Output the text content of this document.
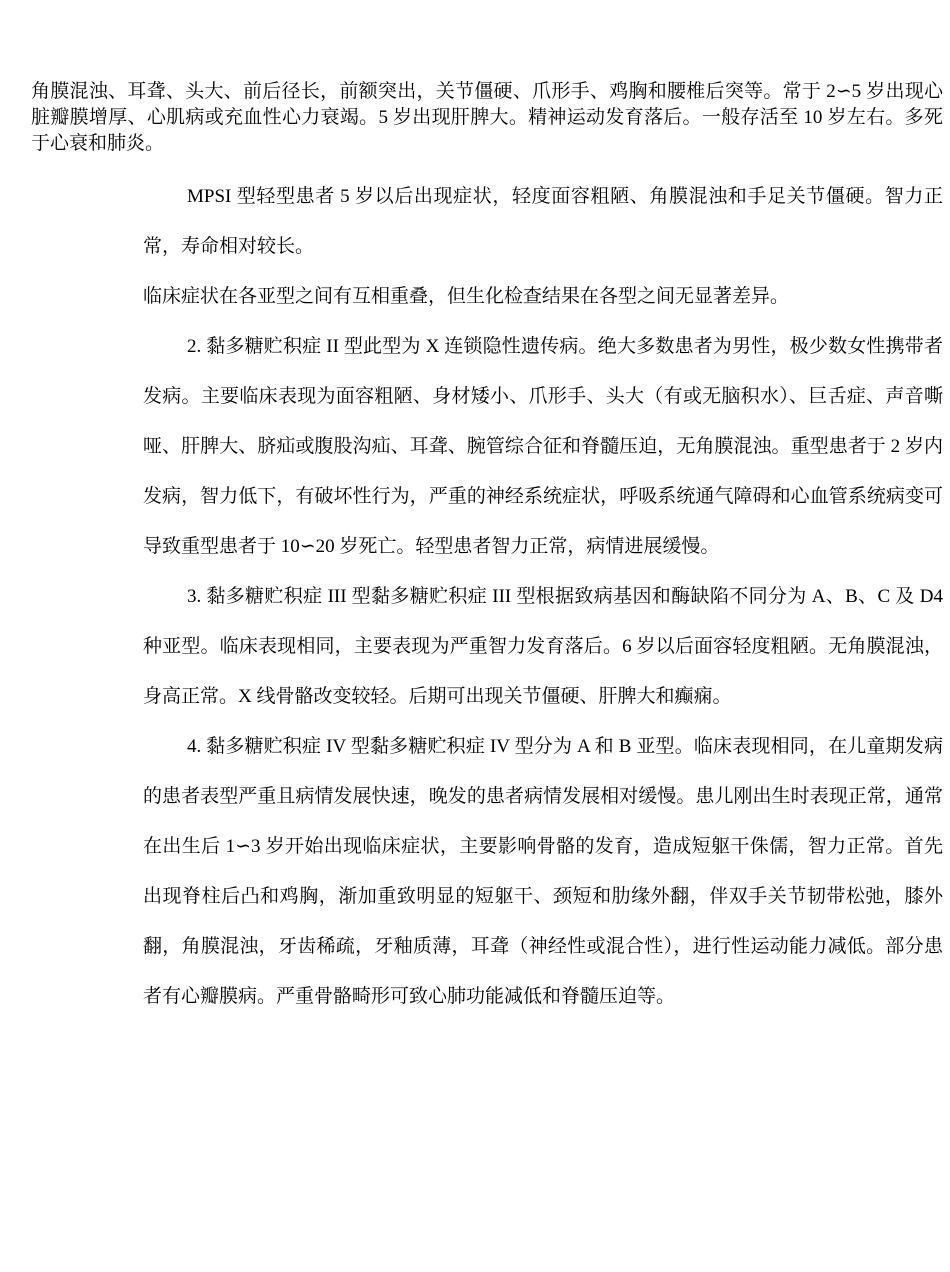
角膜混浊、耳聋、头大、前后径长，前额突出，关节僵硬、爪形手、鸡胸和腰椎后突等。常于 2∽5 岁出现心脏瓣膜增厚、心肌病或充血性心力衰竭。5 岁出现肝脾大。精神运动发育落后。一般存活至 10 岁左右。多死于心衰和肺炎。

MPSI 型轻型患者 5 岁以后出现症状，轻度面容粗陋、角膜混浊和手足关节僵硬。智力正常，寿命相对较长。

临床症状在各亚型之间有互相重叠，但生化检查结果在各型之间无显著差异。

2. 黏多糖贮积症 II 型此型为 X 连锁隐性遗传病。绝大多数患者为男性，极少数女性携带者发病。主要临床表现为面容粗陋、身材矮小、爪形手、头大（有或无脑积水）、巨舌症、声音嘶哑、肝脾大、脐疝或腹股沟疝、耳聋、腕管综合征和脊髓压迫，无角膜混浊。重型患者于 2 岁内发病，智力低下，有破坏性行为，严重的神经系统症状，呼吸系统通气障碍和心血管系统病变可导致重型患者于 10∽20 岁死亡。轻型患者智力正常，病情进展缓慢。

3. 黏多糖贮积症 III 型黏多糖贮积症 III 型根据致病基因和酶缺陷不同分为 A、B、C 及 D4 种亚型。临床表现相同，主要表现为严重智力发育落后。6 岁以后面容轻度粗陋。无角膜混浊，身高正常。X 线骨骼改变较轻。后期可出现关节僵硬、肝脾大和癫痫。

4. 黏多糖贮积症 IV 型黏多糖贮积症 IV 型分为 A 和 B 亚型。临床表现相同，在儿童期发病的患者表型严重且病情发展快速，晚发的患者病情发展相对缓慢。患儿刚出生时表现正常，通常在出生后 1∽3 岁开始出现临床症状，主要影响骨骼的发育，造成短躯干侏儒，智力正常。首先出现脊柱后凸和鸡胸，渐加重致明显的短躯干、颈短和肋缘外翻，伴双手关节韧带松弛，膝外翻，角膜混浊，牙齿稀疏，牙釉质薄，耳聋（神经性或混合性），进行性运动能力减低。部分患者有心瓣膜病。严重骨骼畸形可致心肺功能减低和脊髓压迫等。
